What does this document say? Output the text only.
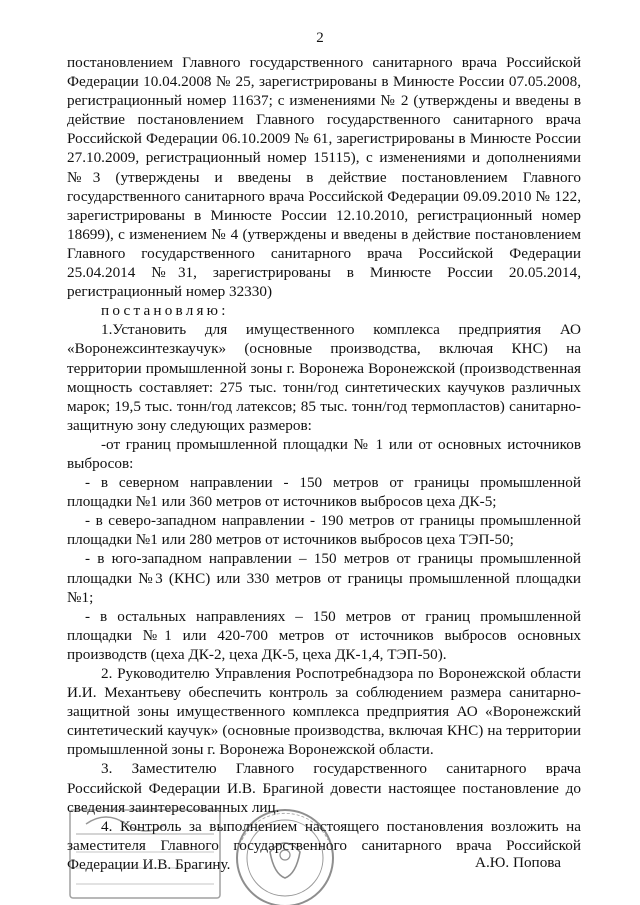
2

постановлением Главного государственного санитарного врача Российской Федерации 10.04.2008 № 25, зарегистрированы в Минюсте России 07.05.2008, регистрационный номер 11637; с изменениями № 2 (утверждены и введены в действие постановлением Главного государственного санитарного врача Российской Федерации 06.10.2009 № 61, зарегистрированы в Минюсте России 27.10.2009, регистрационный номер 15115), с изменениями и дополнениями №3 (утверждены и введены в действие постановлением Главного государственного санитарного врача Российской Федерации 09.09.2010 № 122, зарегистрированы в Минюсте России 12.10.2010, регистрационный номер 18699), с изменением № 4 (утверждены и введены в действие постановлением Главного государственного санитарного врача Российской Федерации 25.04.2014 №31, зарегистрированы в Минюсте России 20.05.2014, регистрационный номер 32330)

постановляю:

1.Установить для имущественного комплекса предприятия АО «Воронежсинтезкаучук» (основные производства, включая КНС) на территории промышленной зоны г. Воронежа Воронежской (производственная мощность составляет: 275 тыс. тонн/год синтетических каучуков различных марок; 19,5 тыс. тонн/год латексов; 85 тыс. тонн/год термопластов) санитарно-защитную зону следующих размеров:

-от границ промышленной площадки № 1 или от основных источников выбросов:

- в северном направлении - 150 метров от границы промышленной площадки №1 или 360 метров от источников выбросов цеха ДК-5;

- в северо-западном направлении - 190 метров от границы промышленной площадки №1 или 280 метров от источников выбросов цеха ТЭП-50;

- в юго-западном направлении – 150 метров от границы промышленной площадки №3 (КНС) или 330 метров от границы промышленной площадки №1;

- в остальных направлениях – 150 метров от границ промышленной площадки №1 или 420-700 метров от источников выбросов основных производств (цеха ДК-2, цеха ДК-5, цеха ДК-1,4, ТЭП-50).

2. Руководителю Управления Роспотребнадзора по Воронежской области И.И. Механтьеву обеспечить контроль за соблюдением размера санитарно-защитной зоны имущественного комплекса предприятия АО «Воронежский синтетический каучук» (основные производства, включая КНС) на территории промышленной зоны г. Воронежа Воронежской области.

3. Заместителю Главного государственного санитарного врача Российской Федерации И.В. Брагиной довести настоящее постановление до сведения заинтересованных лиц.

4. Контроль за выполнением настоящего постановления возложить на заместителя Главного государственного санитарного врача Российской Федерации И.В. Брагину.	А.Ю. Попова
